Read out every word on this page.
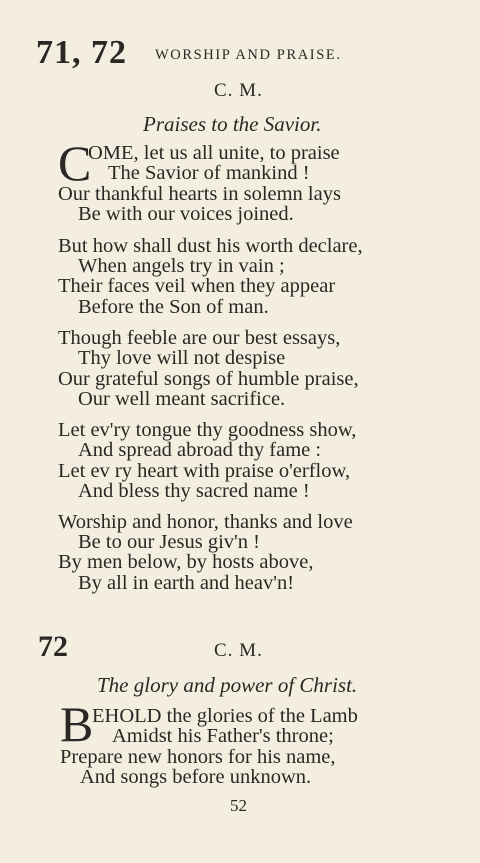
71, 72 WORSHIP AND PRAISE.
C. M.
Praises to the Savior.
C
OME, let us all unite, to praise
The Savior of mankind !
Our thankful hearts in solemn lays
Be with our voices joined.
But how shall dust his worth declare,
When angels try in vain ;
Their faces veil when they appear
Before the Son of man.
Though feeble are our best essays,
Thy love will not despise
Our grateful songs of humble praise,
Our well meant sacrifice.
Let ev'ry tongue thy goodness show,
And spread abroad thy fame :
Let ev ry heart with praise o'erflow,
And bless thy sacred name !
Worship and honor, thanks and love
Be to our Jesus giv'n !
By men below, by hosts above,
By all in earth and heav'n!
72	C. M.
The glory and power of Christ.
B
EHOLD the glories of the Lamb
Amidst his Father's throne;
Prepare new honors for his name,
And songs before unknown.
52
